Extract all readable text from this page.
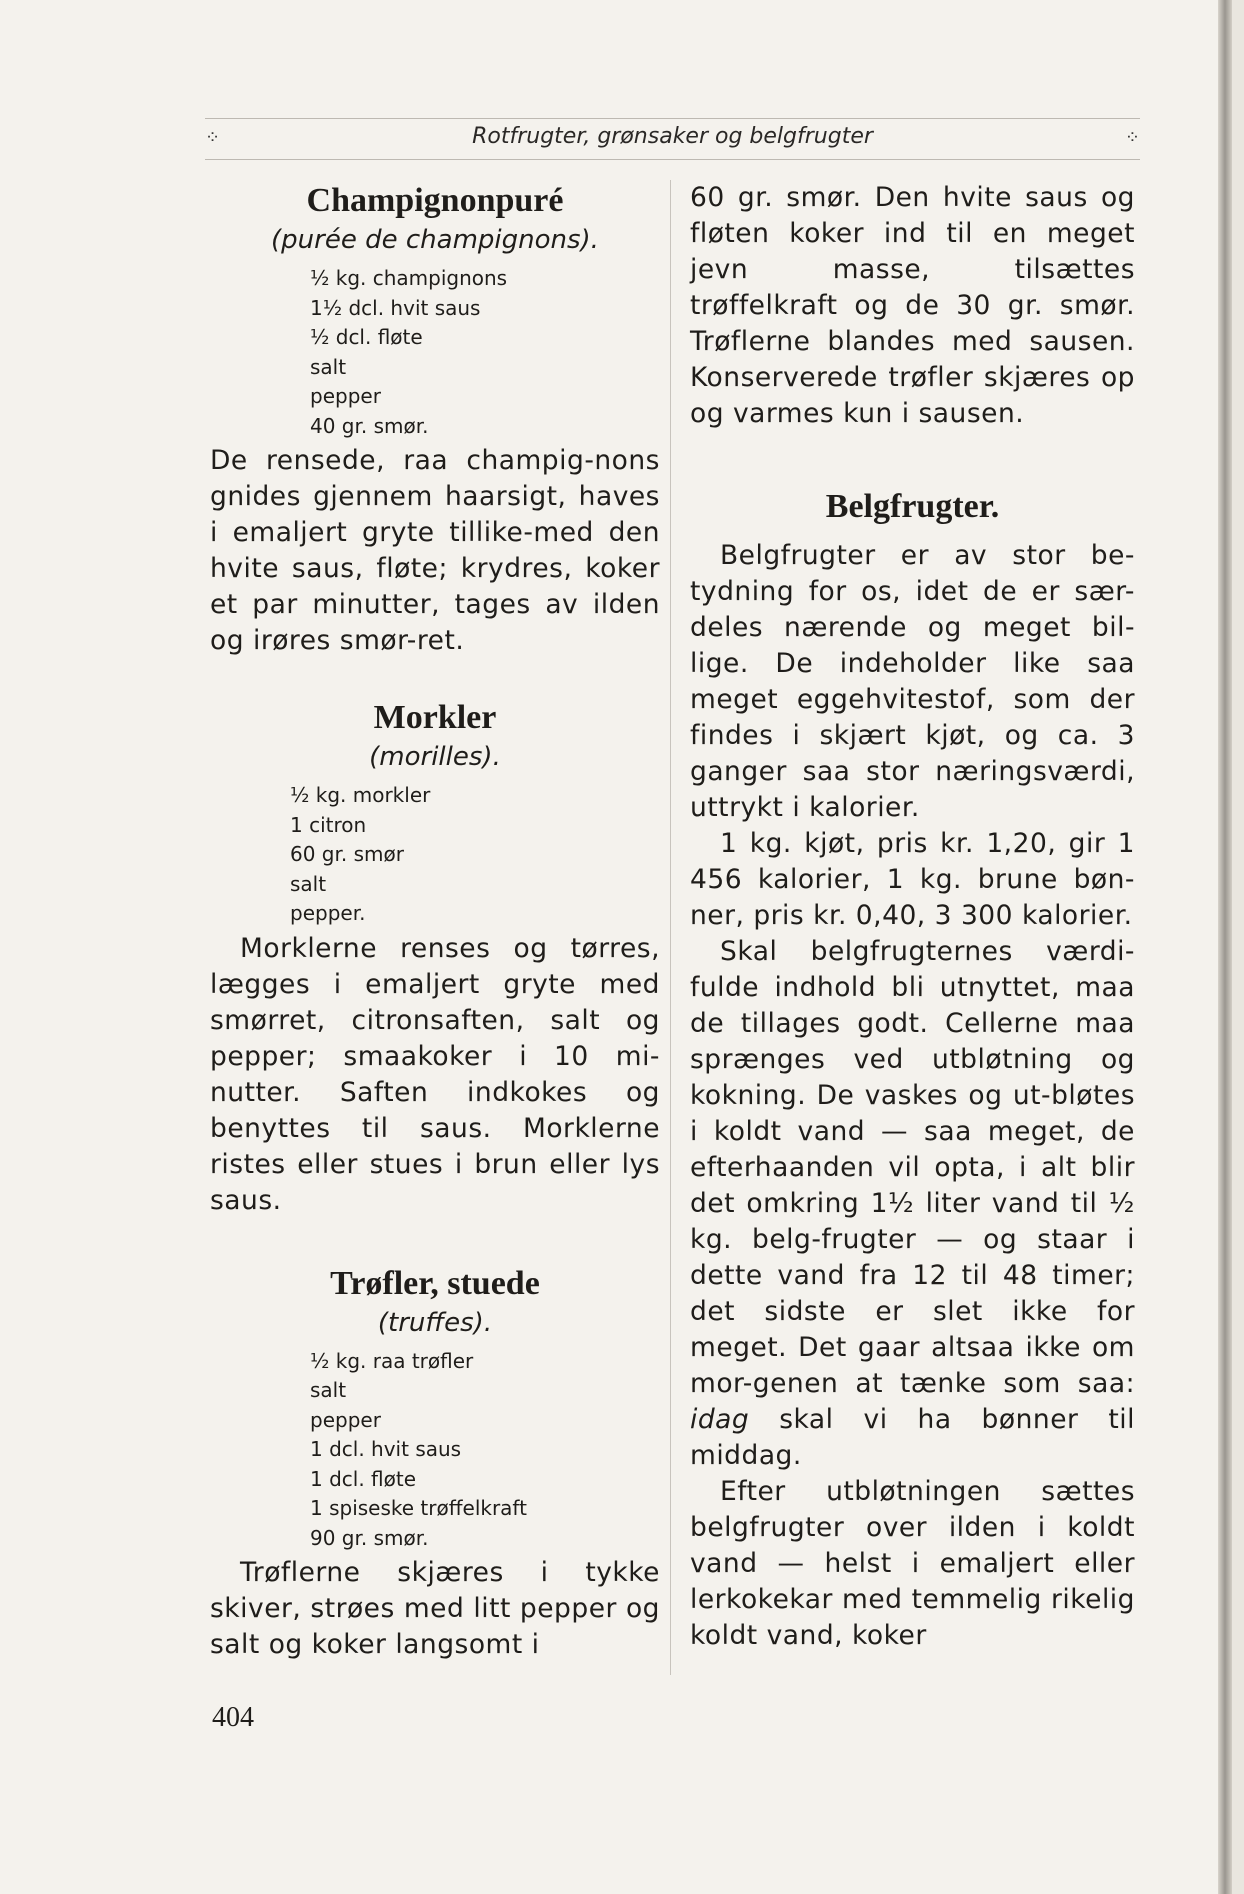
⁘	Rotfrugter, grønsaker og belgfrugter	⁘
Champignonpuré

(purée de champignons).

½ kg. champignons
1½ dcl. hvit saus
½ dcl. fløte
salt
pepper
40 gr. smør.

De rensede, raa champig-nons gnides gjennem haarsigt, haves i emaljert gryte tillike-med den hvite saus, fløte; krydres, koker et par minutter, tages av ilden og irøres smør-ret.

Morkler

(morilles).

½ kg. morkler
1 citron
60 gr. smør
salt
pepper.

Morklerne renses og tørres, lægges i emaljert gryte med smørret, citronsaften, salt og pepper; smaakoker i 10 mi-nutter. Saften indkokes og benyttes til saus. Morklerne ristes eller stues i brun eller lys saus.

Trøfler, stuede

(truffes).

½ kg. raa trøfler
salt
pepper
1 dcl. hvit saus
1 dcl. fløte
1 spiseske trøffelkraft
90 gr. smør.

Trøflerne skjæres i tykke skiver, strøes med litt pepper og salt og koker langsomt i

60 gr. smør. Den hvite saus og fløten koker ind til en meget jevn masse, tilsættes trøffelkraft og de 30 gr. smør. Trøflerne blandes med sausen. Konserverede trøfler skjæres op og varmes kun i sausen.

Belgfrugter.

Belgfrugter er av stor be-tydning for os, idet de er sær-deles nærende og meget bil-lige. De indeholder like saa meget eggehvitestof, som der findes i skjært kjøt, og ca. 3 ganger saa stor næringsværdi, uttrykt i kalorier.

1 kg. kjøt, pris kr. 1,20, gir 1 456 kalorier, 1 kg. brune bøn-ner, pris kr. 0,40, 3 300 kalorier.

Skal belgfrugternes værdi-fulde indhold bli utnyttet, maa de tillages godt. Cellerne maa sprænges ved utbløtning og kokning. De vaskes og ut-bløtes i koldt vand — saa meget, de efterhaanden vil opta, i alt blir det omkring 1½ liter vand til ½ kg. belg-frugter — og staar i dette vand fra 12 til 48 timer; det sidste er slet ikke for meget. Det gaar altsaa ikke om mor-genen at tænke som saa: idag skal vi ha bønner til middag.

Efter utbløtningen sættes belgfrugter over ilden i koldt vand — helst i emaljert eller lerkokekar med temmelig rikelig koldt vand, koker

404
